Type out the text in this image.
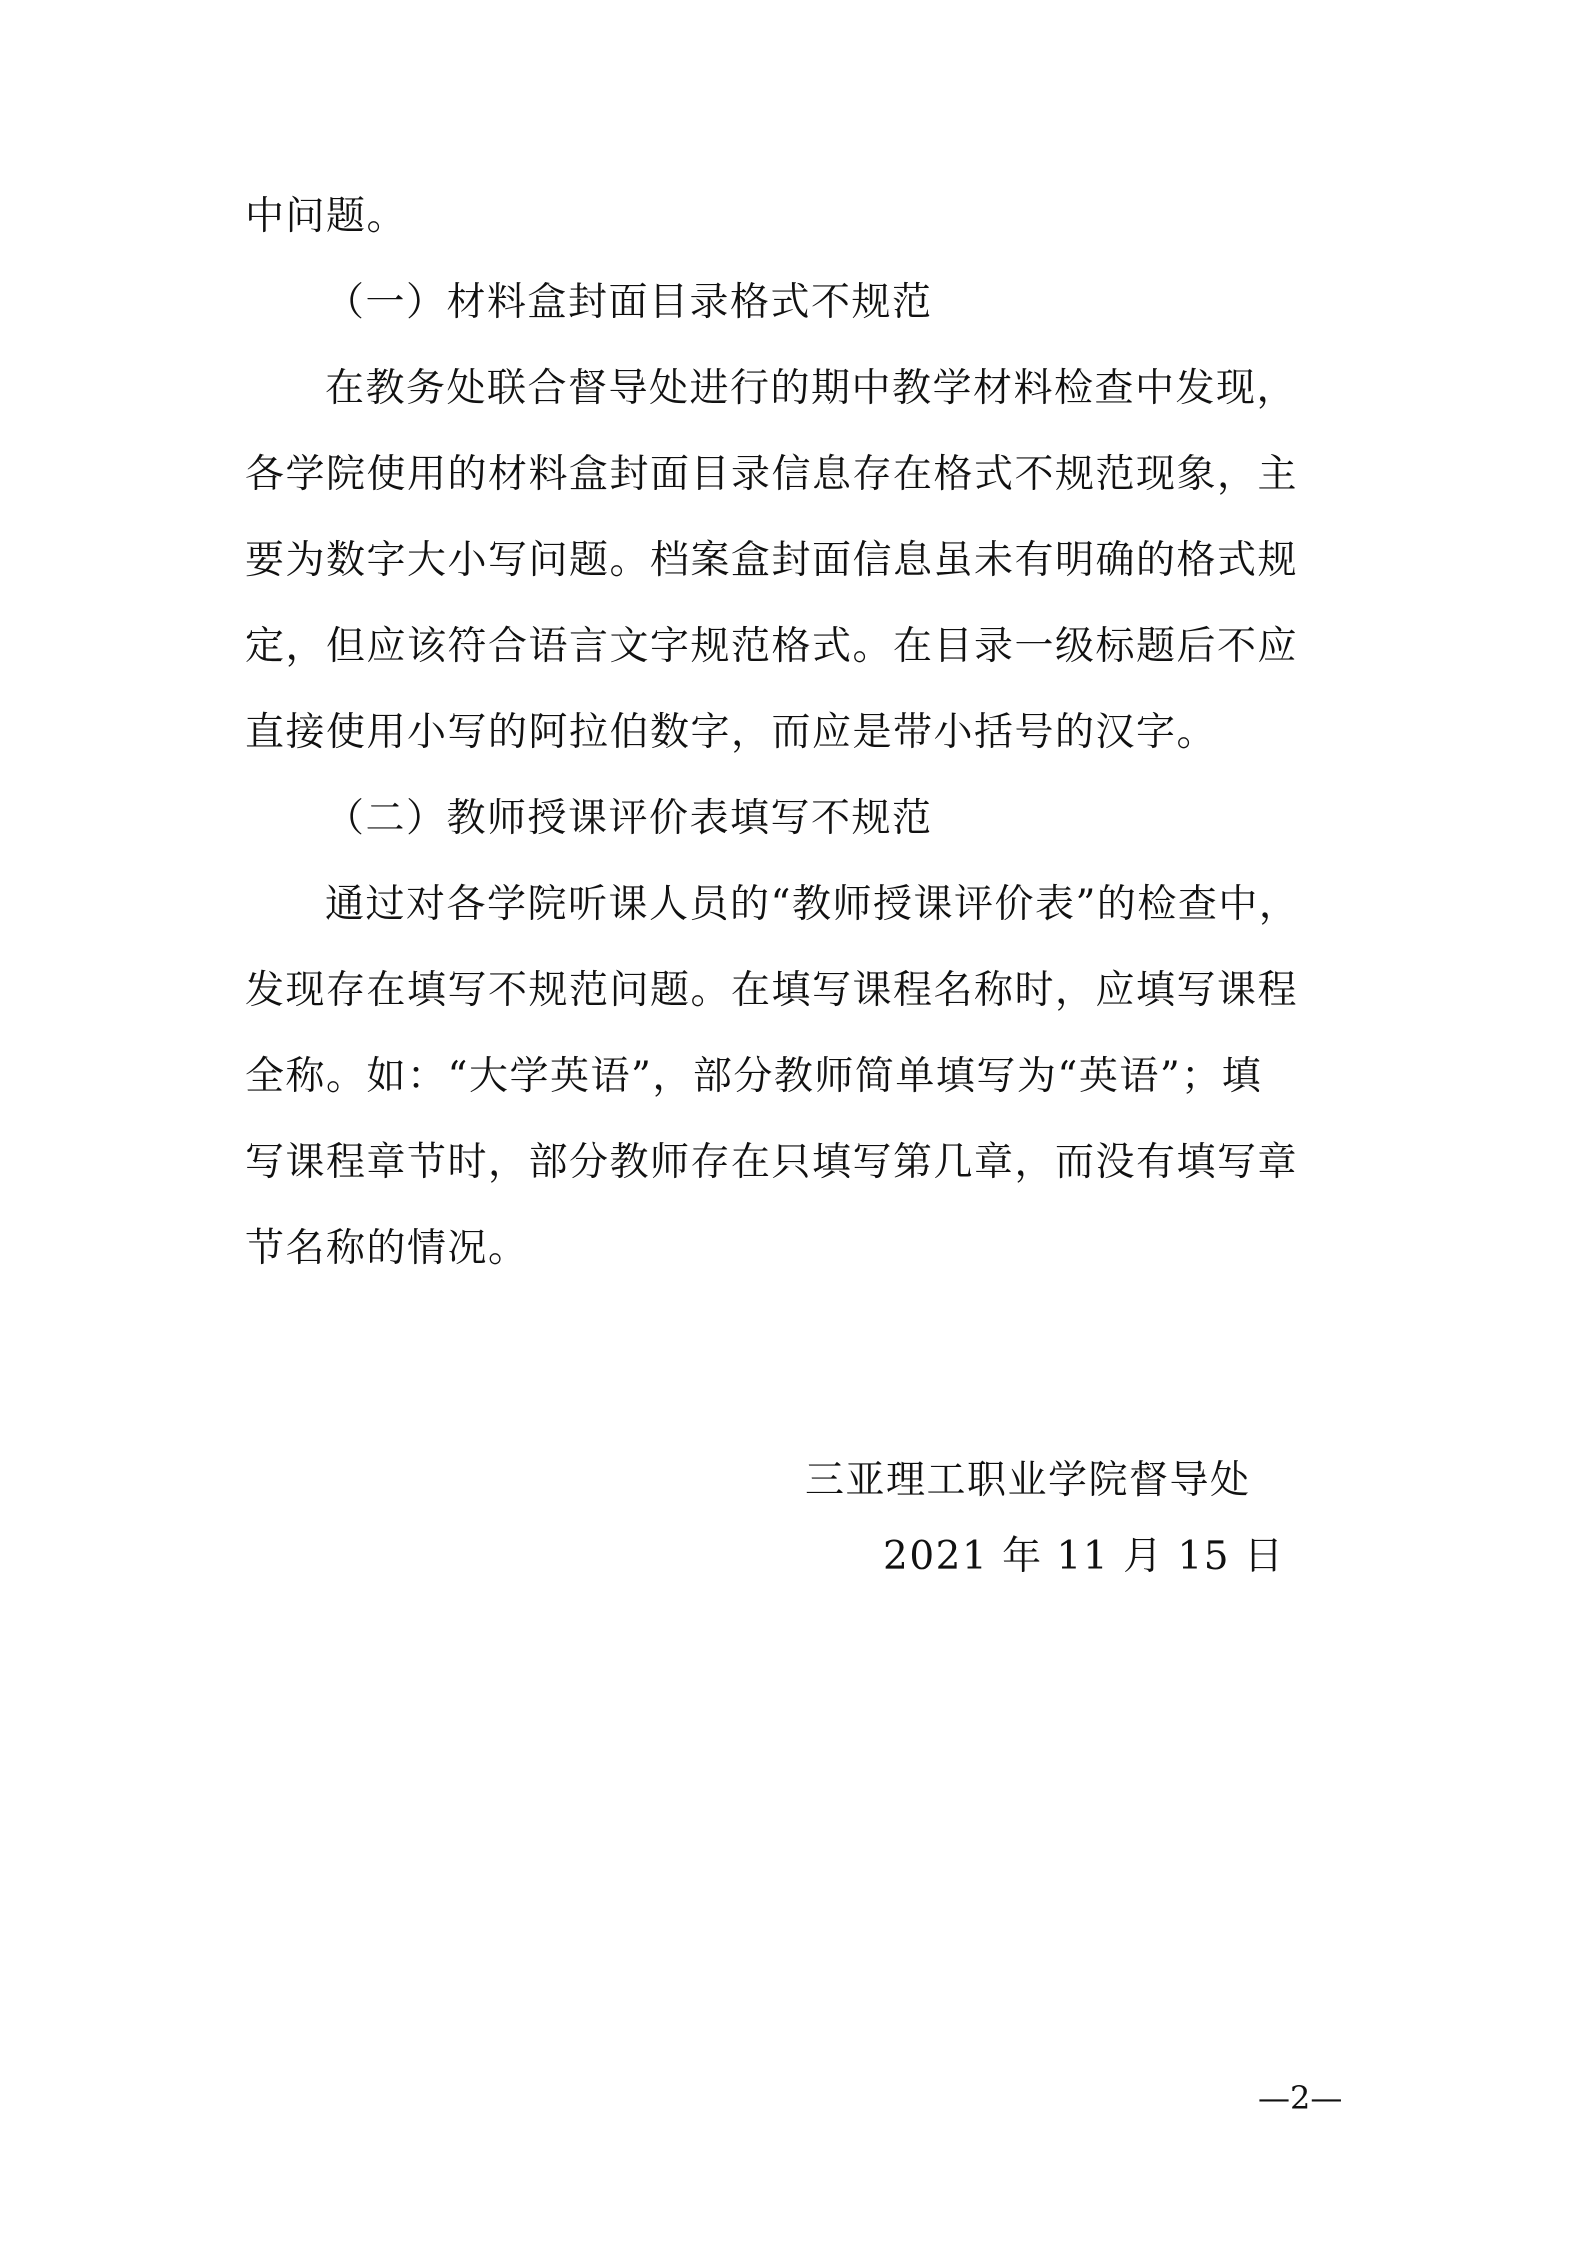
中问题。
（一）材料盒封面目录格式不规范
在教务处联合督导处进行的期中教学材料检查中发现，
各学院使用的材料盒封面目录信息存在格式不规范现象，主
要为数字大小写问题。档案盒封面信息虽未有明确的格式规
定，但应该符合语言文字规范格式。在目录一级标题后不应
直接使用小写的阿拉伯数字，而应是带小括号的汉字。
（二）教师授课评价表填写不规范
通过对各学院听课人员的“教师授课评价表”的检查中，
发现存在填写不规范问题。在填写课程名称时，应填写课程
全称。如：“大学英语”，部分教师简单填写为“英语”；填
写课程章节时，部分教师存在只填写第几章，而没有填写章
节名称的情况。
三亚理工职业学院督导处
2021 年 11 月 15 日
—2—
